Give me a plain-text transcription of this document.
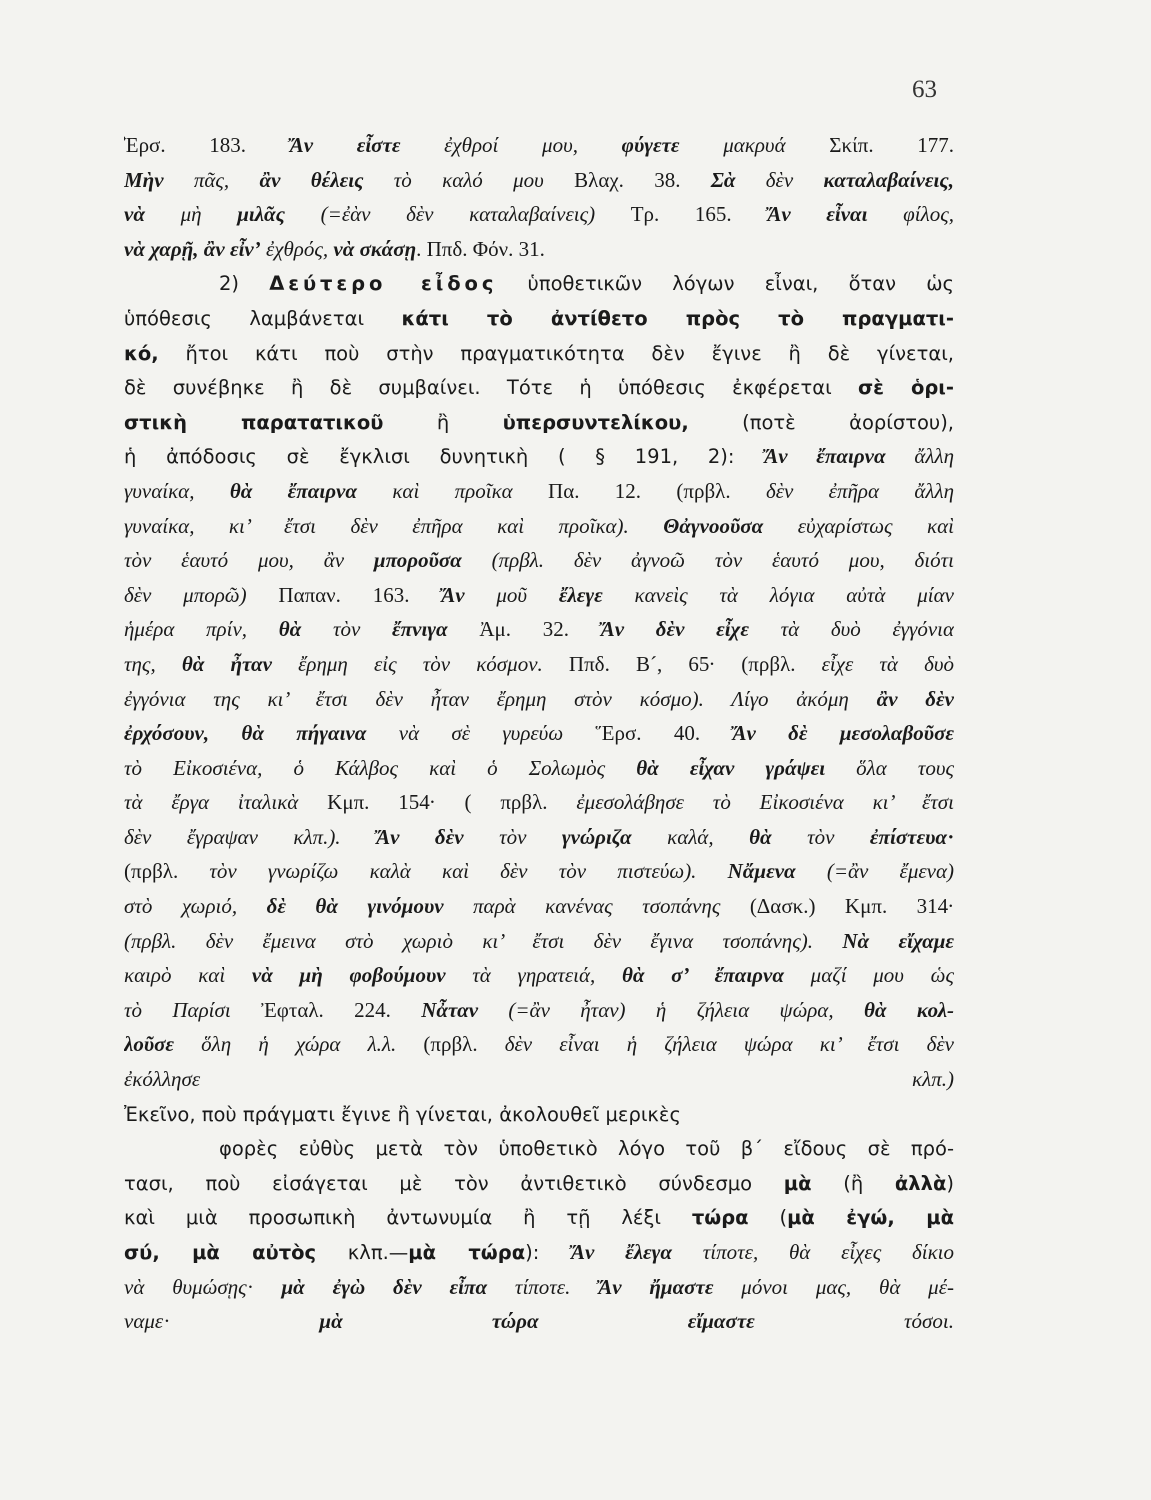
63
̓́Έρσ. 183. Ἄν εἶστε ἐχθροί μου, φύγετε μακρυά Σκίπ. 177.
Μὴν πᾶς, ἂν θέλεις τὸ καλό μου Βλαχ. 38. Σὰ δὲν καταλαβαίνεις,
νὰ μὴ μιλᾶς (=ἐὰν δὲν καταλαβαίνεις) Τρ. 165. Ἄν εἶναι φίλος,
νὰ χαρῇ, ἂν εἶν’ ἐχθρός, νὰ σκάσῃ. Ππδ. Φόν. 31.
2) Δεύτερο εἶδος ὑποθετικῶν λόγων εἶναι, ὅταν ὡς
ὑπόθεσις λαμβάνεται κάτι τὸ ἀντίθετο πρὸς τὸ πραγματι-
κό, ἤτοι κάτι ποὺ στὴν πραγματικότητα δὲν ἔγινε ἢ δὲ γίνεται,
δὲ συνέβηκε ἢ δὲ συμβαίνει. Τότε ἡ ὑπόθεσις ἐκφέρεται σὲ ὁρι-
στικὴ παρατατικοῦ ἢ ὑπερσυντελίκου, (ποτὲ ἀορίστου),
ἡ ἀπόδοσις σὲ ἔγκλισι δυνητικὴ ( § 191, 2): Ἄν ἔπαιρνα ἄλλη
γυναίκα, θὰ ἔπαιρνα καὶ προῖκα Πα. 12. (πρβλ. δὲν ἐπῆρα ἄλλη
γυναίκα, κι’ ἔτσι δὲν ἐπῆρα καὶ προῖκα). Θἀγνοοῦσα εὐχαρίστως καὶ
τὸν ἑαυτό μου, ἂν μποροῦσα (πρβλ. δὲν ἀγνοῶ τὸν ἑαυτό μου, διότι
δὲν μπορῶ) Παπαν. 163. Ἄν μοῦ ἔλεγε κανεὶς τὰ λόγια αὐτὰ μίαν
ἡμέρα πρίν, θὰ τὸν ἔπνιγα Ἀμ. 32. Ἄν δὲν εἶχε τὰ δυὸ ἐγγόνια
της, θὰ ἦταν ἔρημη εἰς τὸν κόσμον. Ππδ. Β´, 65· (πρβλ. εἶχε τὰ δυὸ
ἐγγόνια της κι’ ἔτσι δὲν ἦταν ἔρημη στὸν κόσμο). Λίγο ἀκόμη ἂν δὲν
ἐρχόσουν, θὰ πήγαινα νὰ σὲ γυρεύω Ἕρσ. 40. Ἄν δὲ μεσολαβοῦσε
τὸ Εἰκοσιένα, ὁ Κάλβος καὶ ὁ Σολωμὸς θὰ εἶχαν γράψει ὅλα τους
τὰ ἔργα ἰταλικὰ Κμπ. 154· ( πρβλ. ἐμεσολάβησε τὸ Εἰκοσιένα κι’ ἔτσι
δὲν ἔγραψαν κλπ.). Ἄν δὲν τὸν γνώριζα καλά, θὰ τὸν ἐπίστευα·
(πρβλ. τὸν γνωρίζω καλὰ καὶ δὲν τὸν πιστεύω). Νἄμενα (=ἂν ἔμενα)
στὸ χωριό, δὲ θὰ γινόμουν παρὰ κανένας τσοπάνης (Δασκ.) Κμπ. 314·
(πρβλ. δὲν ἔμεινα στὸ χωριὸ κι’ ἔτσι δὲν ἔγινα τσοπάνης). Νὰ εἴχαμε
καιρὸ καὶ νὰ μὴ φοβούμουν τὰ γηρατειά, θὰ σ’ ἔπαιρνα μαζί μου ὡς
τὸ Παρίσι Ἐφταλ. 224. Νἆταν (=ἂν ἦταν) ἡ ζήλεια ψώρα, θὰ κολ-
λοῦσε ὅλη ἡ χώρα λ.λ. (πρβλ. δὲν εἶναι ἡ ζήλεια ψώρα κι’ ἔτσι δὲν
ἐκόλλησε κλπ.)
Ἐκεῖνο, ποὺ πράγματι ἔγινε ἢ γίνεται, ἀκολουθεῖ μερικὲς
φορὲς εὐθὺς μετὰ τὸν ὑποθετικὸ λόγο τοῦ β´ εἴδους σὲ πρό-
τασι, ποὺ εἰσάγεται μὲ τὸν ἀντιθετικὸ σύνδεσμο μὰ (ἢ ἀλλὰ)
καὶ μιὰ προσωπικὴ ἀντωνυμία ἢ τῇ λέξι τώρα (μὰ ἐγώ, μὰ
σύ, μὰ αὐτὸς κλπ.—μὰ τώρα): Ἄν ἔλεγα τίποτε, θὰ εἶχες δίκιο
νὰ θυμώσῃς· μὰ ἐγὼ δὲν εἶπα τίποτε. Ἄν ἤμαστε μόνοι μας, θὰ μέ-
ναμε· μὰ τώρα εἴμαστε τόσοι.
